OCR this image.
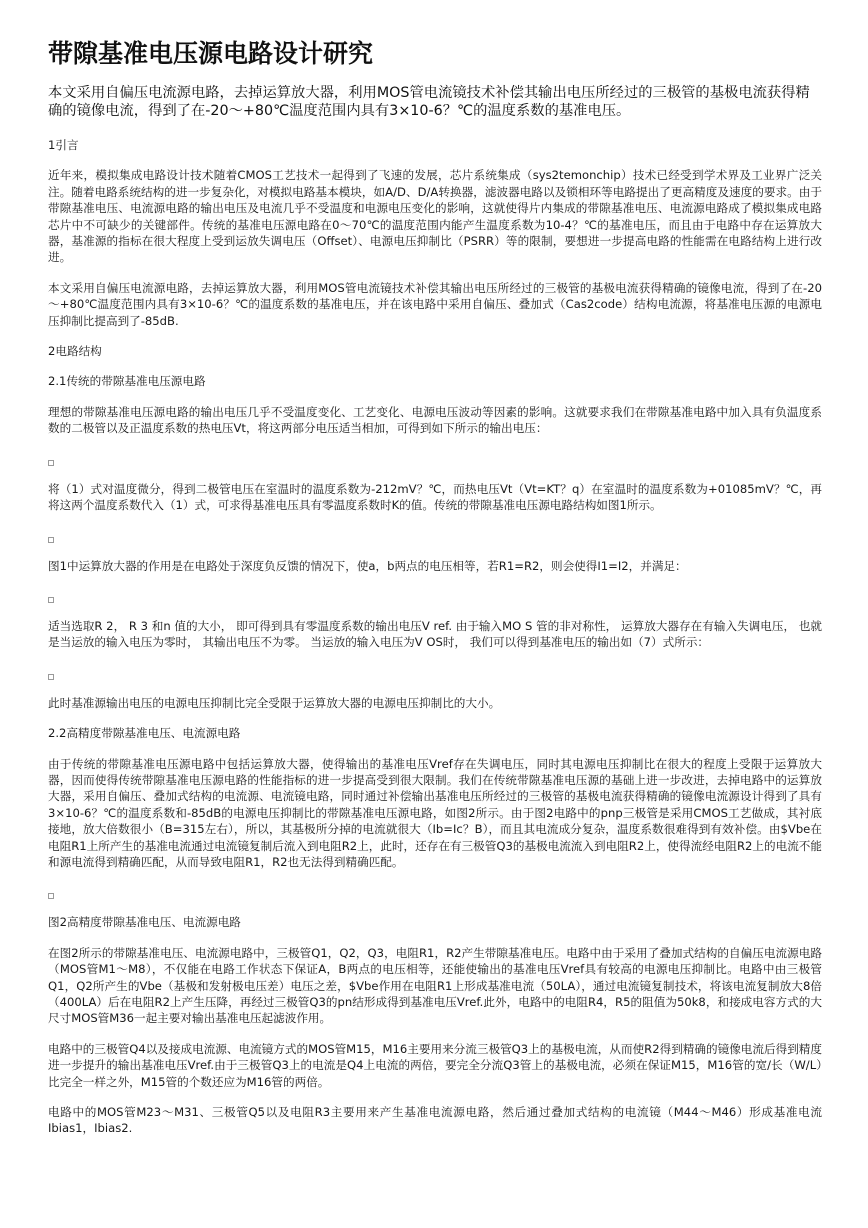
带隙基准电压源电路设计研究

本文采用自偏压电流源电路，去掉运算放大器，利用MOS管电流镜技术补偿其输出电压所经过的三极管的基极电流获得精确的镜像电流，得到了在-20～+80℃温度范围内具有3×10-6？℃的温度系数的基准电压。

1引言

近年来，模拟集成电路设计技术随着CMOS工艺技术一起得到了飞速的发展，芯片系统集成（sys2temonchip）技术已经受到学术界及工业界广泛关注。随着电路系统结构的进一步复杂化，对模拟电路基本模块，如A/D、D/A转换器，滤波器电路以及锁相环等电路提出了更高精度及速度的要求。由于带隙基准电压、电流源电路的输出电压及电流几乎不受温度和电源电压变化的影响，这就使得片内集成的带隙基准电压、电流源电路成了模拟集成电路芯片中不可缺少的关键部件。传统的基准电压源电路在0～70℃的温度范围内能产生温度系数为10-4？℃的基准电压，而且由于电路中存在运算放大器，基准源的指标在很大程度上受到运放失调电压（Offset）、电源电压抑制比（PSRR）等的限制，要想进一步提高电路的性能需在电路结构上进行改进。

本文采用自偏压电流源电路，去掉运算放大器，利用MOS管电流镜技术补偿其输出电压所经过的三极管的基极电流获得精确的镜像电流，得到了在-20～+80℃温度范围内具有3×10-6？℃的温度系数的基准电压，并在该电路中采用自偏压、叠加式（Cas2code）结构电流源，将基准电压源的电源电压抑制比提高到了-85dB.

2电路结构

2.1传统的带隙基准电压源电路

理想的带隙基准电压源电路的输出电压几乎不受温度变化、工艺变化、电源电压波动等因素的影响。这就要求我们在带隙基准电路中加入具有负温度系数的二极管以及正温度系数的热电压Vt，将这两部分电压适当相加，可得到如下所示的输出电压：

将（1）式对温度微分，得到二极管电压在室温时的温度系数为-212mV？℃，而热电压Vt（Vt=KT？q）在室温时的温度系数为+01085mV？℃，再将这两个温度系数代入（1）式，可求得基准电压具有零温度系数时K的值。传统的带隙基准电压源电路结构如图1所示。

图1中运算放大器的作用是在电路处于深度负反馈的情况下，使a，b两点的电压相等，若R1=R2，则会使得I1=I2，并满足：

适当选取R 2， R 3 和n 值的大小， 即可得到具有零温度系数的输出电压V ref. 由于输入MO S 管的非对称性， 运算放大器存在有输入失调电压， 也就是当运放的输入电压为零时， 其输出电压不为零。 当运放的输入电压为V OS时， 我们可以得到基准电压的输出如（7）式所示：

此时基准源输出电压的电源电压抑制比完全受限于运算放大器的电源电压抑制比的大小。

2.2高精度带隙基准电压、电流源电路

由于传统的带隙基准电压源电路中包括运算放大器，使得输出的基准电压Vref存在失调电压，同时其电源电压抑制比在很大的程度上受限于运算放大器，因而使得传统带隙基准电压源电路的性能指标的进一步提高受到很大限制。我们在传统带隙基准电压源的基础上进一步改进，去掉电路中的运算放大器，采用自偏压、叠加式结构的电流源、电流镜电路，同时通过补偿输出基准电压所经过的三极管的基极电流获得精确的镜像电流源设计得到了具有3×10-6？℃的温度系数和-85dB的电源电压抑制比的带隙基准电压源电路，如图2所示。由于图2电路中的pnp三极管是采用CMOS工艺做成，其衬底接地，放大倍数很小（B=315左右），所以，其基极所分掉的电流就很大（Ib=Ic？B），而且其电流成分复杂，温度系数很难得到有效补偿。由$Vbe在电阻R1上所产生的基准电流通过电流镜复制后流入到电阻R2上，此时，还存在有三极管Q3的基极电流流入到电阻R2上，使得流经电阻R2上的电流不能和源电流得到精确匹配，从而导致电阻R1，R2也无法得到精确匹配。

图2高精度带隙基准电压、电流源电路

在图2所示的带隙基准电压、电流源电路中，三极管Q1，Q2，Q3，电阻R1，R2产生带隙基准电压。电路中由于采用了叠加式结构的自偏压电流源电路（MOS管M1～M8），不仅能在电路工作状态下保证A，B两点的电压相等，还能使输出的基准电压Vref具有较高的电源电压抑制比。电路中由三极管Q1，Q2所产生的Vbe（基极和发射极电压差）电压之差，$Vbe作用在电阻R1上形成基准电流（50LA），通过电流镜复制技术，将该电流复制放大8倍（400LA）后在电阻R2上产生压降，再经过三极管Q3的pn结形成得到基准电压Vref.此外，电路中的电阻R4，R5的阻值为50k8，和接成电容方式的大尺寸MOS管M36一起主要对输出基准电压起滤波作用。

电路中的三极管Q4以及接成电流源、电流镜方式的MOS管M15，M16主要用来分流三极管Q3上的基极电流，从而使R2得到精确的镜像电流后得到精度进一步提升的输出基准电压Vref.由于三极管Q3上的电流是Q4上电流的两倍，要完全分流Q3管上的基极电流，必须在保证M15，M16管的宽/长（W/L）比完全一样之外，M15管的个数还应为M16管的两倍。

电路中的MOS管M23～M31、三极管Q5以及电阻R3主要用来产生基准电流源电路，然后通过叠加式结构的电流镜（M44～M46）形成基准电流Ibias1，Ibias2.
